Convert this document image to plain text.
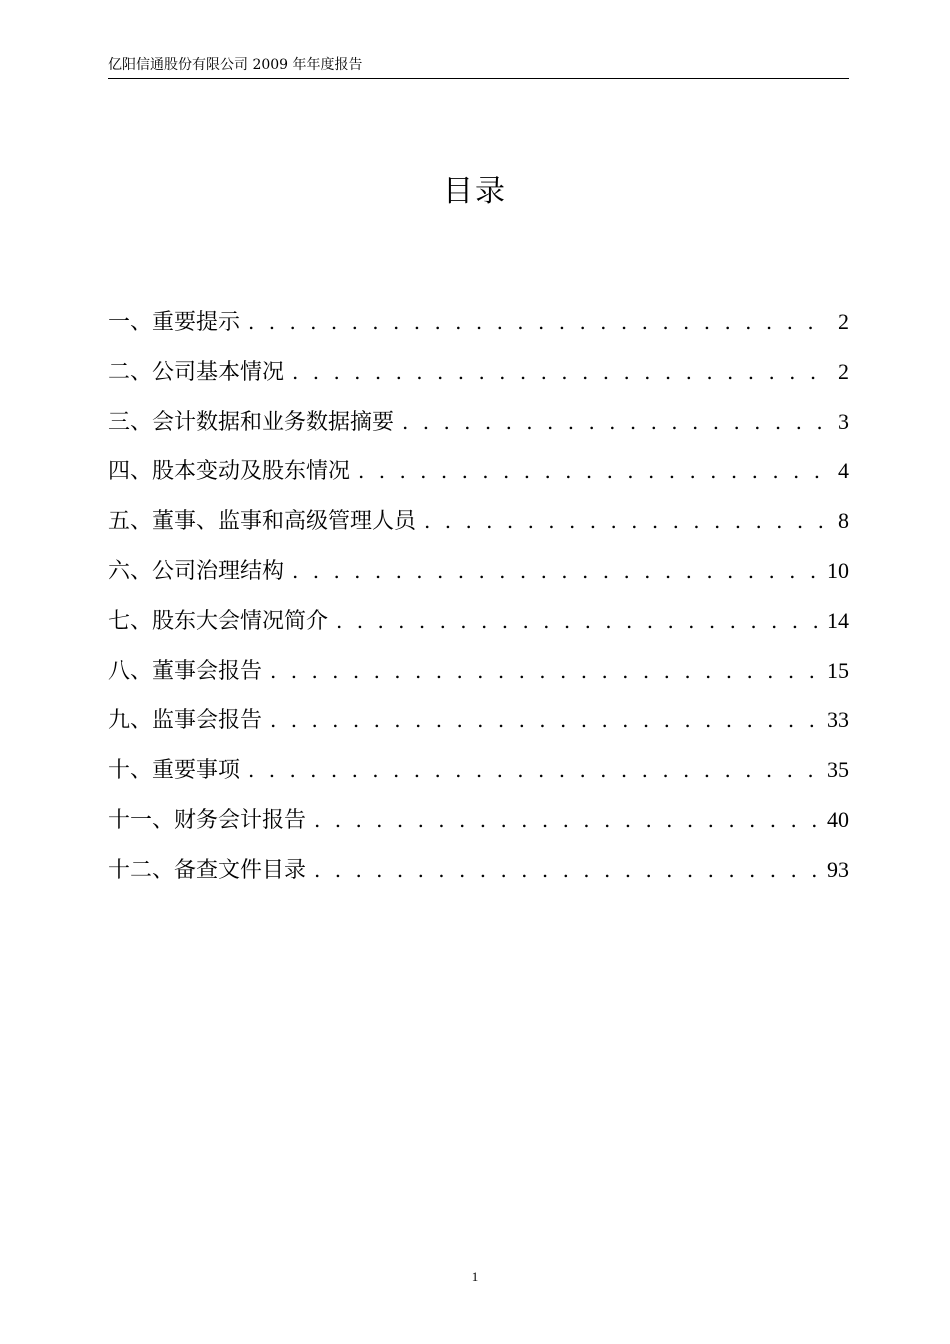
亿阳信通股份有限公司 2009 年年度报告
目录
一、重要提示 . . .	2
二、公司基本情况 . . .	2
三、会计数据和业务数据摘要 . . .	3
四、股本变动及股东情况 . . .	4
五、董事、监事和高级管理人员 . . .	8
六、公司治理结构 . . .	10
七、股东大会情况简介 . . .	14
八、董事会报告 . . .	15
九、监事会报告 . . .	33
十、重要事项 . . .	35
十一、财务会计报告 . . .	40
十二、备查文件目录 . . .	93
1
